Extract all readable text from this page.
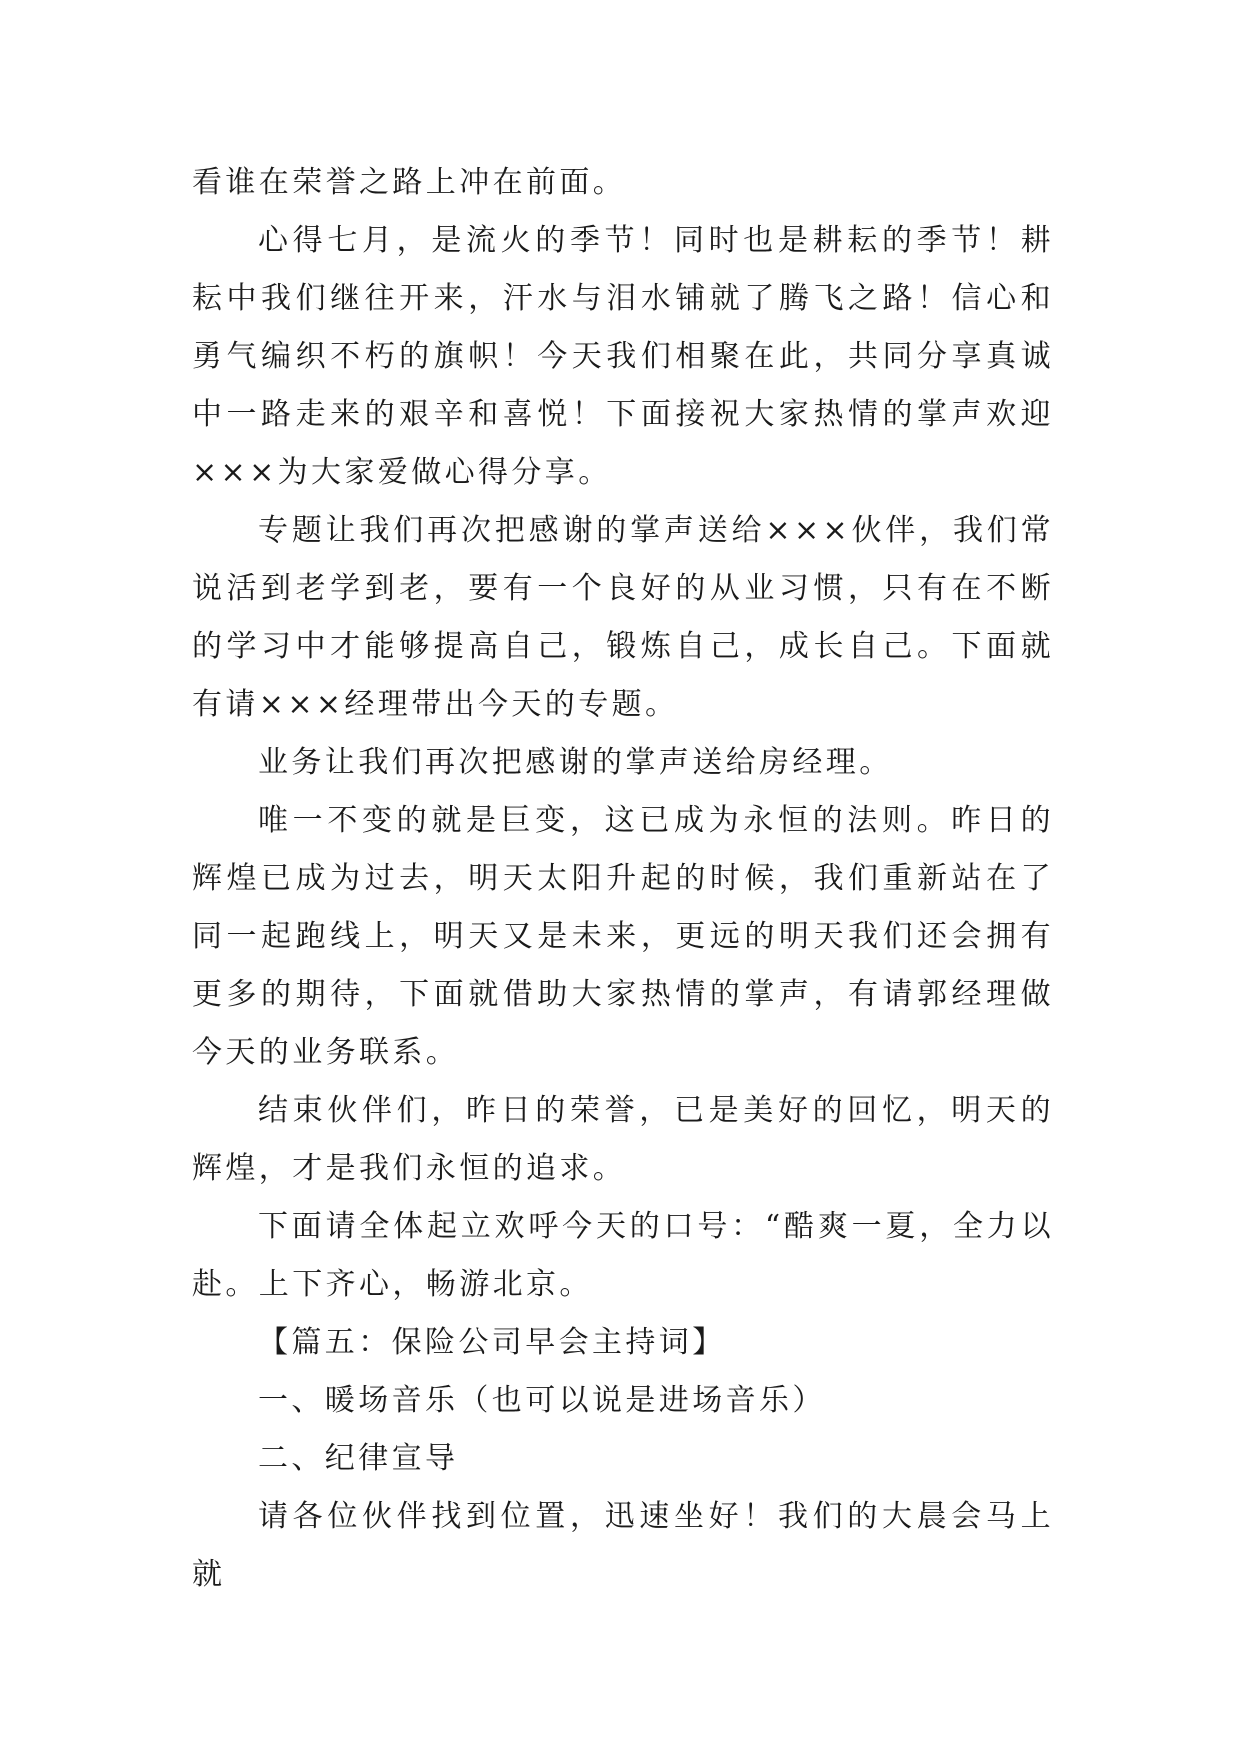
看谁在荣誉之路上冲在前面。

心得七月，是流火的季节！同时也是耕耘的季节！耕耘中我们继往开来，汗水与泪水铺就了腾飞之路！信心和勇气编织不朽的旗帜！今天我们相聚在此，共同分享真诚中一路走来的艰辛和喜悦！下面接祝大家热情的掌声欢迎×××为大家爱做心得分享。

专题让我们再次把感谢的掌声送给×××伙伴，我们常说活到老学到老，要有一个良好的从业习惯，只有在不断的学习中才能够提高自己，锻炼自己，成长自己。下面就有请×××经理带出今天的专题。

业务让我们再次把感谢的掌声送给房经理。

唯一不变的就是巨变，这已成为永恒的法则。昨日的辉煌已成为过去，明天太阳升起的时候，我们重新站在了同一起跑线上，明天又是未来，更远的明天我们还会拥有更多的期待，下面就借助大家热情的掌声，有请郭经理做今天的业务联系。

结束伙伴们，昨日的荣誉，已是美好的回忆，明天的辉煌，才是我们永恒的追求。

下面请全体起立欢呼今天的口号：“酷爽一夏，全力以赴。上下齐心，畅游北京。

【篇五：保险公司早会主持词】

一、暖场音乐（也可以说是进场音乐）

二、纪律宣导

请各位伙伴找到位置，迅速坐好！我们的大晨会马上就
